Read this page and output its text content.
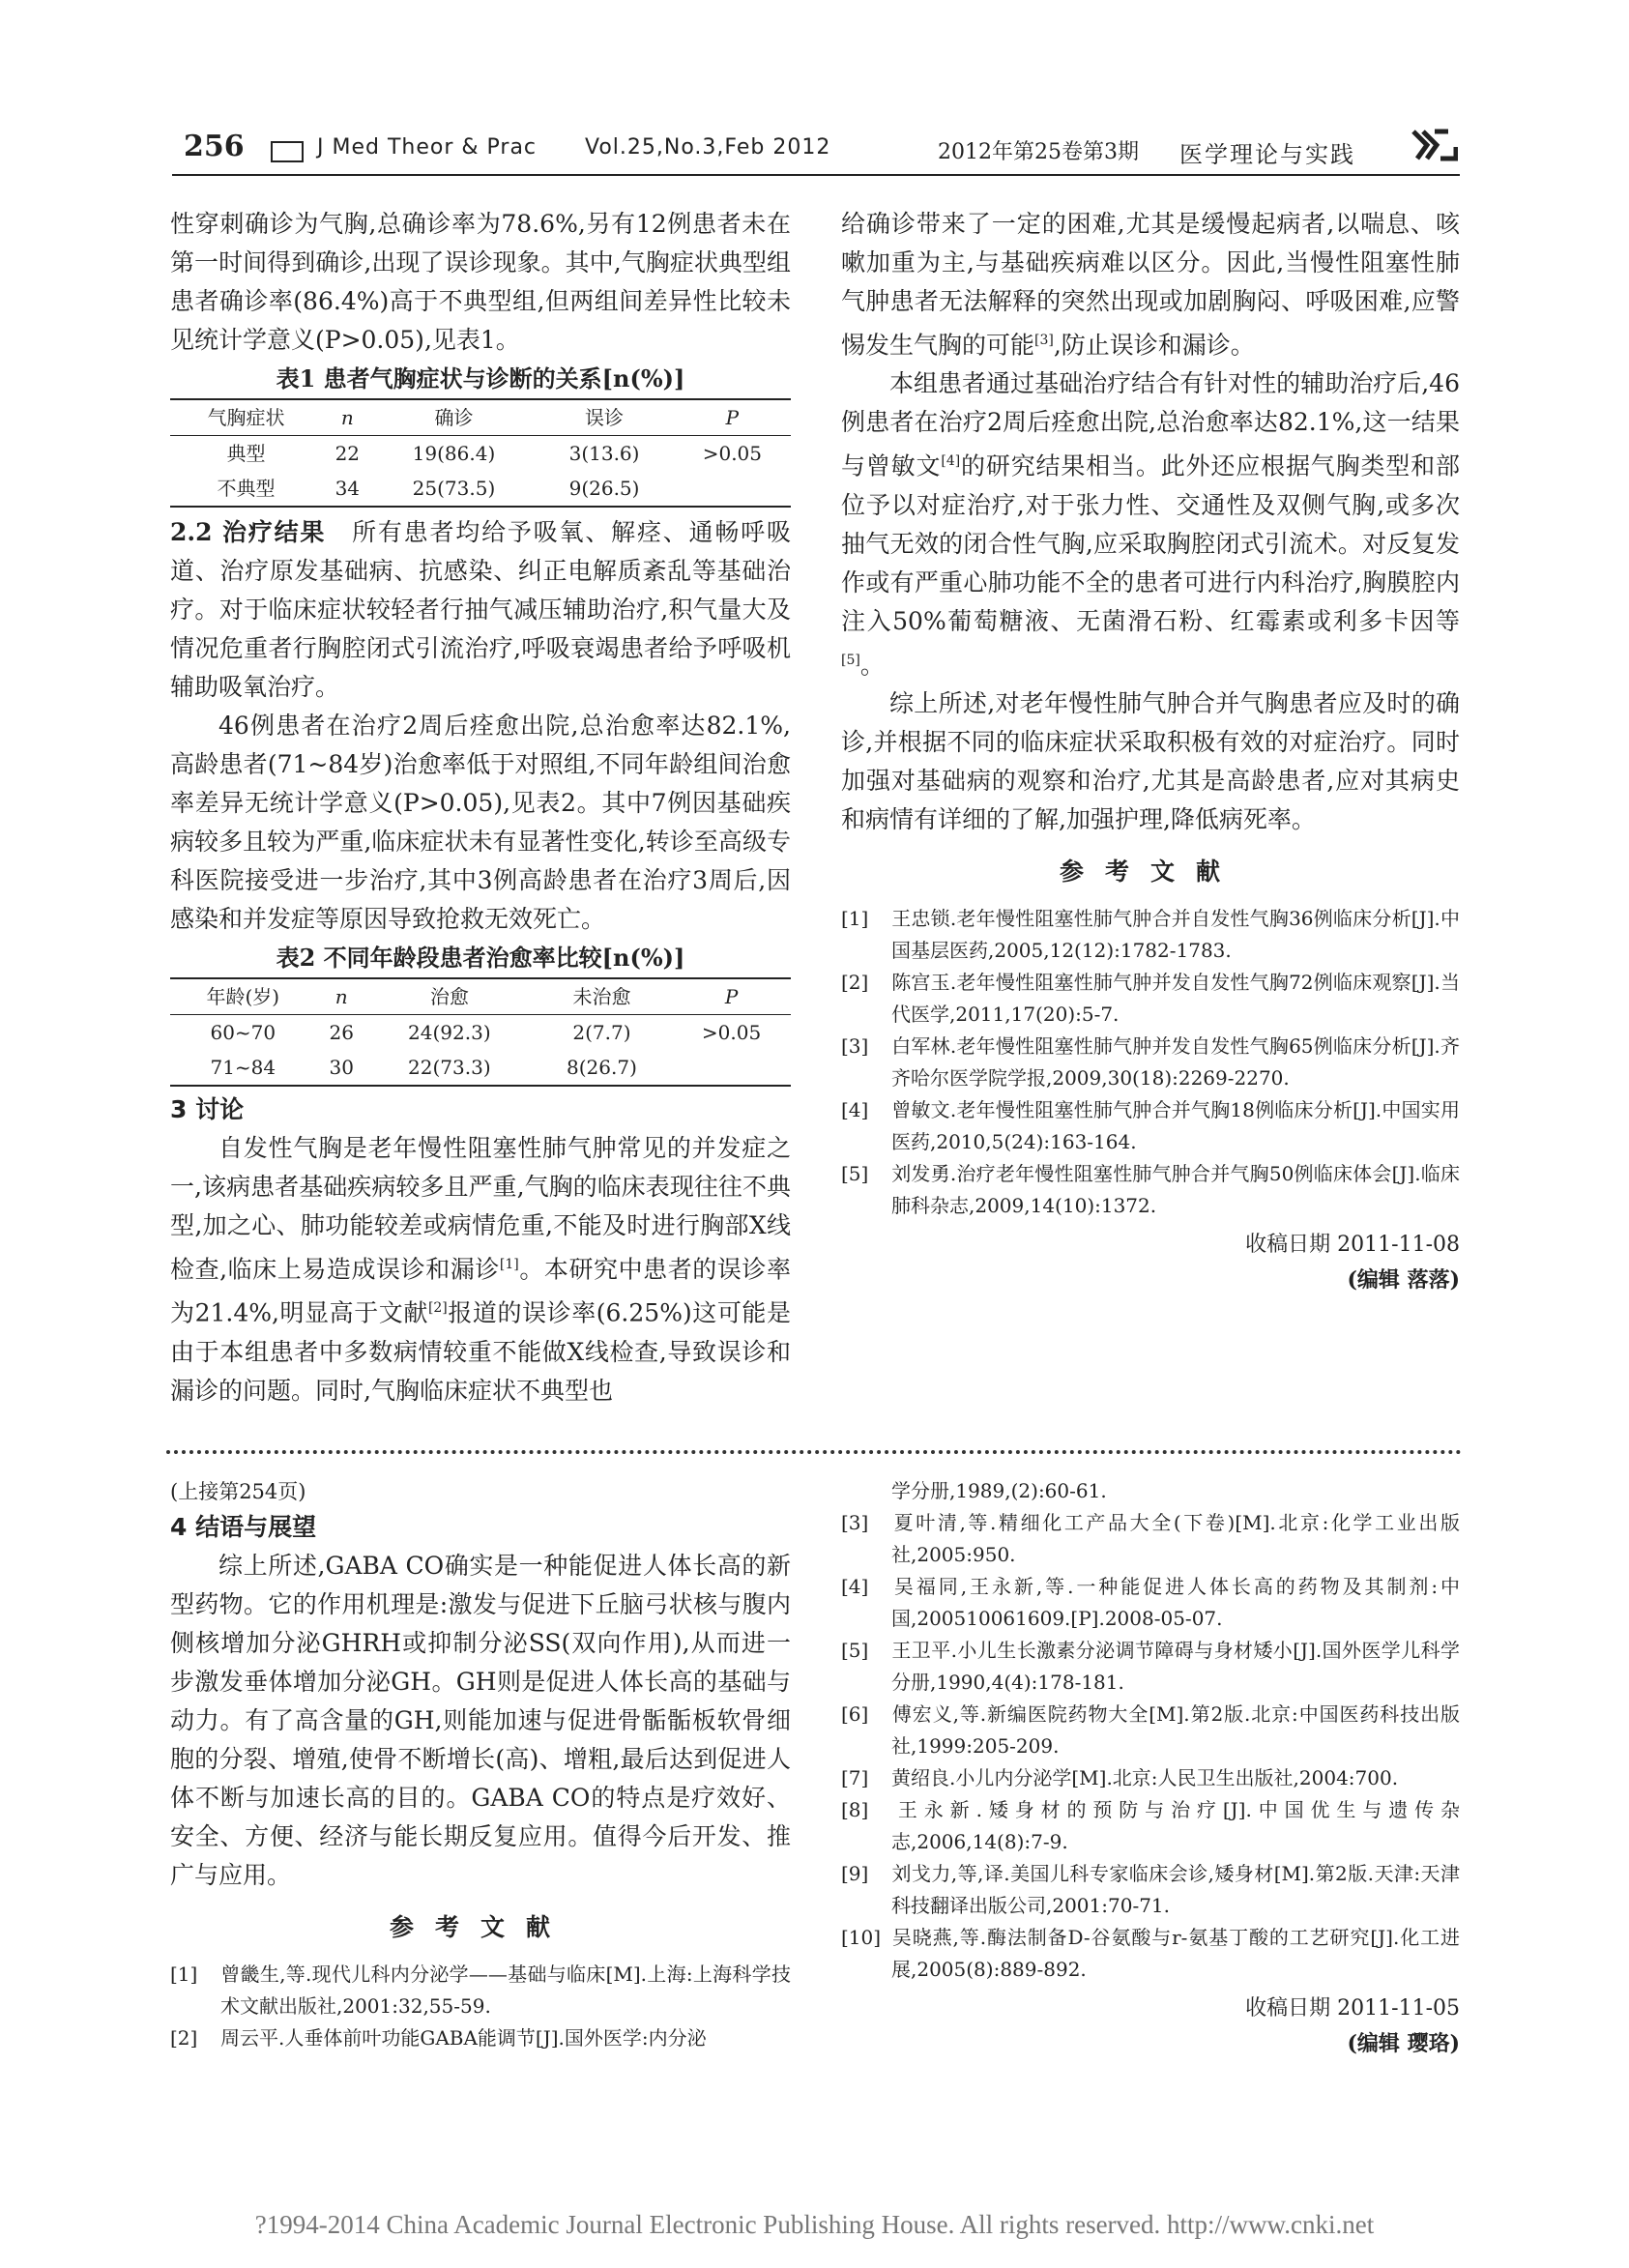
256	J Med Theor & Prac Vol.25,No.3,Feb 2012	2012年第25卷第3期 医学理论与实践

性穿刺确诊为气胸,总确诊率为78.6%,另有12例患者未在第一时间得到确诊,出现了误诊现象。其中,气胸症状典型组患者确诊率(86.4%)高于不典型组,但两组间差异性比较未见统计学意义(P>0.05),见表1。

表1 患者气胸症状与诊断的关系[n(%)]
气胸症状	n	确诊	误诊	P
典型	22	19(86.4)	3(13.6)	>0.05
不典型	34	25(73.5)	9(26.5)	

2.2 治疗结果　 所有患者均给予吸氧、解痉、通畅呼吸道、治疗原发基础病、抗感染、纠正电解质紊乱等基础治疗。对于临床症状较轻者行抽气减压辅助治疗,积气量大及情况危重者行胸腔闭式引流治疗,呼吸衰竭患者给予呼吸机辅助吸氧治疗。

46例患者在治疗2周后痊愈出院,总治愈率达82.1%,高龄患者(71~84岁)治愈率低于对照组,不同年龄组间治愈率差异无统计学意义(P>0.05),见表2。其中7例因基础疾病较多且较为严重,临床症状未有显著性变化,转诊至高级专科医院接受进一步治疗,其中3例高龄患者在治疗3周后,因感染和并发症等原因导致抢救无效死亡。

表2 不同年龄段患者治愈率比较[n(%)]
年龄(岁)	n	治愈	未治愈	P
60~70	26	24(92.3)	2(7.7)	>0.05
71~84	30	22(73.3)	8(26.7)	

3 讨论

自发性气胸是老年慢性阻塞性肺气肿常见的并发症之一,该病患者基础疾病较多且严重,气胸的临床表现往往不典型,加之心、肺功能较差或病情危重,不能及时进行胸部X线检查,临床上易造成误诊和漏诊[1]。本研究中患者的误诊率为21.4%,明显高于文献[2]报道的误诊率(6.25%)这可能是由于本组患者中多数病情较重不能做X线检查,导致误诊和漏诊的问题。同时,气胸临床症状不典型也

给确诊带来了一定的困难,尤其是缓慢起病者,以喘息、咳嗽加重为主,与基础疾病难以区分。因此,当慢性阻塞性肺气肿患者无法解释的突然出现或加剧胸闷、呼吸困难,应警惕发生气胸的可能[3],防止误诊和漏诊。

本组患者通过基础治疗结合有针对性的辅助治疗后,46例患者在治疗2周后痊愈出院,总治愈率达82.1%,这一结果与曾敏文[4]的研究结果相当。此外还应根据气胸类型和部位予以对症治疗,对于张力性、交通性及双侧气胸,或多次抽气无效的闭合性气胸,应采取胸腔闭式引流术。对反复发作或有严重心肺功能不全的患者可进行内科治疗,胸膜腔内注入50%葡萄糖液、无菌滑石粉、红霉素或利多卡因等[5]。

综上所述,对老年慢性肺气肿合并气胸患者应及时的确诊,并根据不同的临床症状采取积极有效的对症治疗。同时加强对基础病的观察和治疗,尤其是高龄患者,应对其病史和病情有详细的了解,加强护理,降低病死率。

参考文献

[1] 王忠锁.老年慢性阻塞性肺气肿合并自发性气胸36例临床分析[J].中国基层医药,2005,12(12):1782-1783.

[2] 陈宫玉.老年慢性阻塞性肺气肿并发自发性气胸72例临床观察[J].当代医学,2011,17(20):5-7.

[3] 白军林.老年慢性阻塞性肺气肿并发自发性气胸65例临床分析[J].齐齐哈尔医学院学报,2009,30(18):2269-2270.

[4] 曾敏文.老年慢性阻塞性肺气肿合并气胸18例临床分析[J].中国实用医药,2010,5(24):163-164.

[5] 刘发勇.治疗老年慢性阻塞性肺气肿合并气胸50例临床体会[J].临床肺科杂志,2009,14(10):1372.

收稿日期 2011-11-08

(编辑 落落)

(上接第254页)

4 结语与展望

综上所述,GABA CO确实是一种能促进人体长高的新型药物。它的作用机理是:激发与促进下丘脑弓状核与腹内侧核增加分泌GHRH或抑制分泌SS(双向作用),从而进一步激发垂体增加分泌GH。GH则是促进人体长高的基础与动力。有了高含量的GH,则能加速与促进骨骺骺板软骨细胞的分裂、增殖,使骨不断增长(高)、增粗,最后达到促进人体不断与加速长高的目的。GABA CO的特点是疗效好、安全、方便、经济与能长期反复应用。值得今后开发、推广与应用。

参考文献

[1] 曾畿生,等.现代儿科内分泌学——基础与临床[M].上海:上海科学技术文献出版社,2001:32,55-59.

[2] 周云平.人垂体前叶功能GABA能调节[J].国外医学:内分泌

学分册,1989,(2):60-61.

[3] 夏叶清,等.精细化工产品大全(下卷)[M].北京:化学工业出版社,2005:950.

[4] 吴福同,王永新,等.一种能促进人体长高的药物及其制剂:中国,200510061609.[P].2008-05-07.

[5] 王卫平.小儿生长激素分泌调节障碍与身材矮小[J].国外医学儿科学分册,1990,4(4):178-181.

[6] 傅宏义,等.新编医院药物大全[M].第2版.北京:中国医药科技出版社,1999:205-209.

[7] 黄绍良.小儿内分泌学[M].北京:人民卫生出版社,2004:700.

[8] 王永新.矮身材的预防与治疗[J].中国优生与遗传杂志,2006,14(8):7-9.

[9] 刘戈力,等,译.美国儿科专家临床会诊,矮身材[M].第2版.天津:天津科技翻译出版公司,2001:70-71.

[10] 吴晓燕,等.酶法制备D-谷氨酸与r-氨基丁酸的工艺研究[J].化工进展,2005(8):889-892.

收稿日期 2011-11-05

(编辑 璎珞)

?1994-2014 China Academic Journal Electronic Publishing House. All rights reserved. http://www.cnki.net
